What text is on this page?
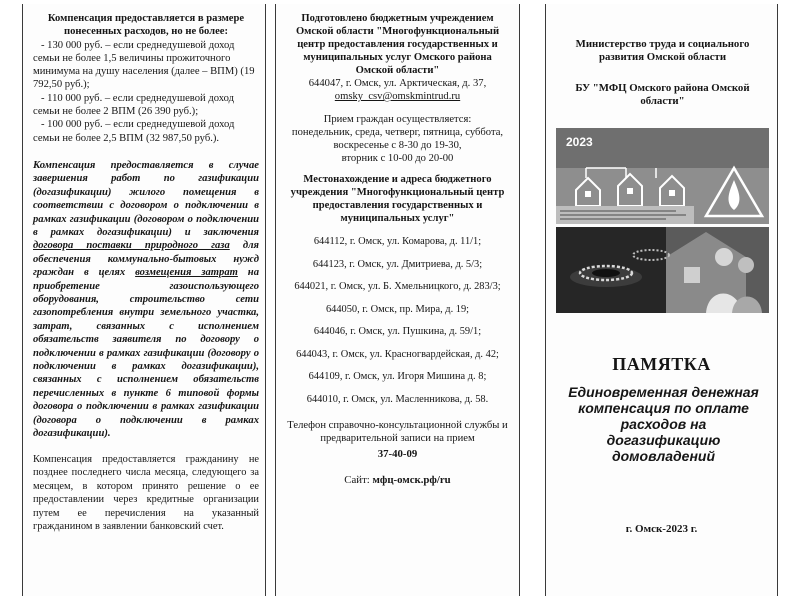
Компенсация предоставляется в размере понесенных расходов, но не более:
- 130 000 руб. – если среднедушевой доход семьи не более 1,5 величины прожиточного минимума на душу населения (далее – ВПМ) (19 792,50 руб.);
- 110 000 руб. – если среднедушевой доход семьи не более 2 ВПМ (26 390 руб.);
- 100 000 руб. – если среднедушевой доход семьи не более 2,5 ВПМ (32 987,50 руб.).

Компенсация предоставляется в случае завершения работ по газификации (догазификации) жилого помещения в соответствии с договором о подключении в рамках газификации (договором о подключении в рамках догазификации) и заключения договора поставки природного газа для обеспечения коммунально-бытовых нужд граждан в целях возмещения затрат на приобретение газоиспользующего оборудования, строительство сети газопотребления внутри земельного участка, затрат, связанных с исполнением обязательств заявителя по договору о подключении в рамках газификации (договору о подключении в рамках догазификации), связанных с исполнением обязательств перечисленных в пункте 6 типовой формы договора о подключении в рамках газификации (договора о подключении в рамках догазификации).

Компенсация предоставляется гражданину не позднее последнего числа месяца, следующего за месяцем, в котором принято решение о ее предоставлении через кредитные организации путем ее перечисления на указанный гражданином в заявлении банковский счет.

Подготовлено бюджетным учреждением Омской области "Многофункциональный центр предоставления государственных и муниципальных услуг Омского района Омской области"

644047, г. Омск, ул. Арктическая, д. 37,

omsky_csv@omskmintrud.ru

Прием граждан осуществляется:

понедельник, среда, четверг, пятница, суббота,

воскресенье с 8-30 до 19-30,

вторник с 10-00 до 20-00

Местонахождение и адреса бюджетного учреждения "Многофункциональный центр предоставления государственных и муниципальных услуг"

644112, г. Омск, ул. Комарова, д. 11/1;

644123, г. Омск, ул. Дмитриева, д. 5/3;

644021, г. Омск, ул. Б. Хмельницкого, д. 283/3;

644050, г. Омск, пр. Мира, д. 19;

644046, г. Омск, ул. Пушкина, д. 59/1;

644043, г. Омск, ул. Красногвардейская, д. 42;

644109, г. Омск, ул. Игоря Мишина д. 8;

644010, г. Омск, ул. Масленникова, д. 58.

Телефон справочно-консультационной службы и предварительной записи на прием

37-40-09

Сайт: мфц-омск.рф/ru

Министерство труда и социального развития Омской области

БУ "МФЦ Омского района Омской области"

2023
ПАМЯТКА
Единовременная денежная компенсация по оплате расходов на догазификацию домовладений
г. Омск-2023 г.
